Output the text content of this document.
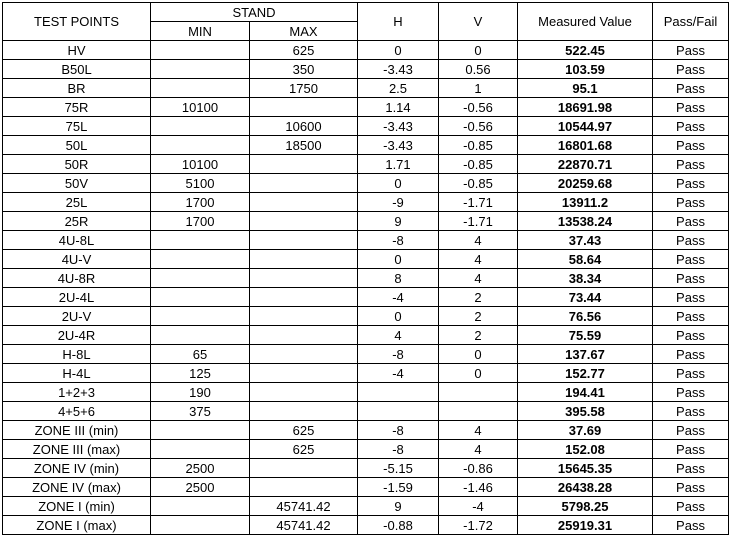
TEST POINTS	STAND		H	V	Measured Value	Pass/Fail
	MIN	MAX				
HV		625	0	0	522.45	Pass
B50L		350	-3.43	0.56	103.59	Pass
BR		1750	2.5	1	95.1	Pass
75R	10100		1.14	-0.56	18691.98	Pass
75L		10600	-3.43	-0.56	10544.97	Pass
50L		18500	-3.43	-0.85	16801.68	Pass
50R	10100		1.71	-0.85	22870.71	Pass
50V	5100		0	-0.85	20259.68	Pass
25L	1700		-9	-1.71	13911.2	Pass
25R	1700		9	-1.71	13538.24	Pass
4U-8L			-8	4	37.43	Pass
4U-V			0	4	58.64	Pass
4U-8R			8	4	38.34	Pass
2U-4L			-4	2	73.44	Pass
2U-V			0	2	76.56	Pass
2U-4R			4	2	75.59	Pass
H-8L	65		-8	0	137.67	Pass
H-4L	125		-4	0	152.77	Pass
1+2+3	190				194.41	Pass
4+5+6	375				395.58	Pass
ZONE III (min)		625	-8	4	37.69	Pass
ZONE III (max)		625	-8	4	152.08	Pass
ZONE IV (min)	2500		-5.15	-0.86	15645.35	Pass
ZONE IV (max)	2500		-1.59	-1.46	26438.28	Pass
ZONE I (min)		45741.42	9	-4	5798.25	Pass
ZONE I (max)		45741.42	-0.88	-1.72	25919.31	Pass
